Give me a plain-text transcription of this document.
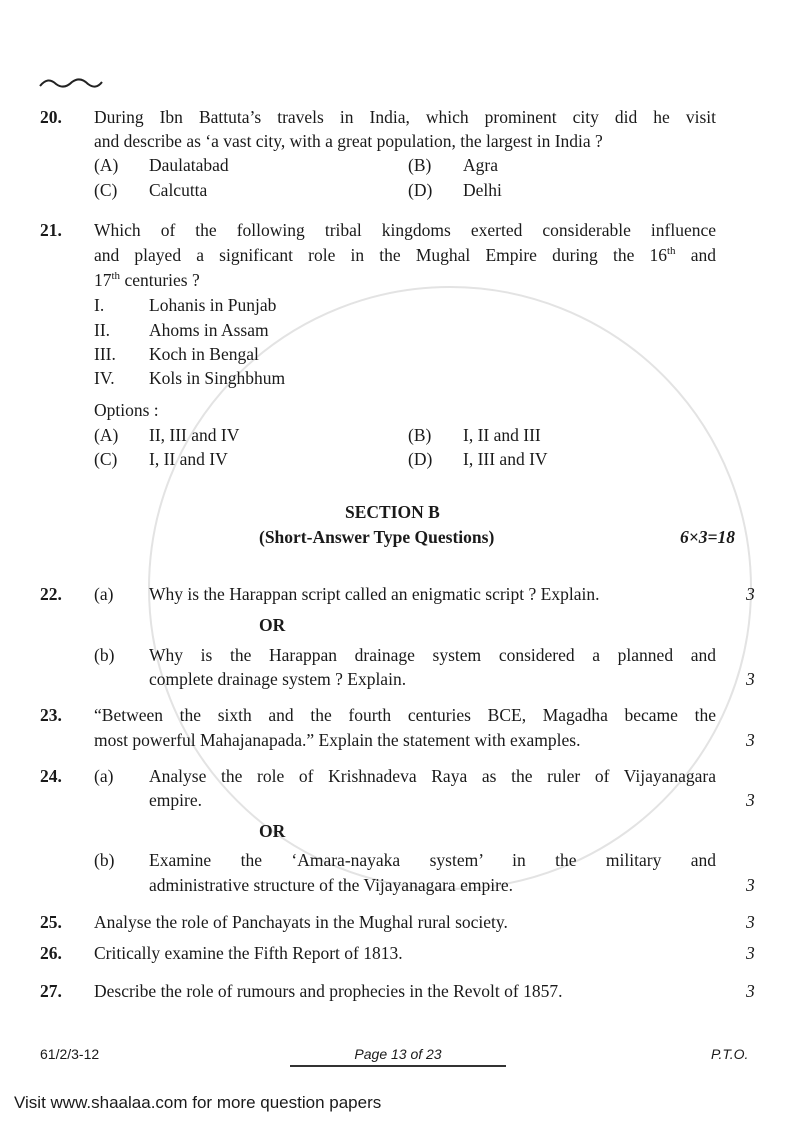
20. During Ibn Battuta’s travels in India, which prominent city did he visit
and describe as ‘a vast city, with a great population, the largest in India ?
(A) Daulatabad	(B) Agra
(C) Calcutta	(D) Delhi
21. Which of the following tribal kingdoms exerted considerable influence
and played a significant role in the Mughal Empire during the 16th and
17th centuries ?
I.	Lohanis in Punjab
II. Ahoms in Assam
III. Koch in Bengal
IV. Kols in Singhbhum
Options :
(A) II, III and IV	(B) I, II and III
(C) I, II and IV	(D) I, III and IV
SECTION B
(Short-Answer Type Questions)	6×3=18
22. (a) Why is the Harappan script called an enigmatic script ? Explain.	3
OR
(b) Why is the Harappan drainage system considered a planned and
complete drainage system ? Explain.	3
23. “Between the sixth and the fourth centuries BCE, Magadha became the
most powerful Mahajanapada.” Explain the statement with examples.	3
24. (a) Analyse the role of Krishnadeva Raya as the ruler of Vijayanagara
empire.	3
OR
(b) Examine the ‘Amara-nayaka system’ in the military and
administrative structure of the Vijayanagara empire.	3
25. Analyse the role of Panchayats in the Mughal rural society.	3
26. Critically examine the Fifth Report of 1813.	3
27. Describe the role of rumours and prophecies in the Revolt of 1857.	3
61/2/3-12	Page 13 of 23	P.T.O.
Visit www.shaalaa.com for more question papers
